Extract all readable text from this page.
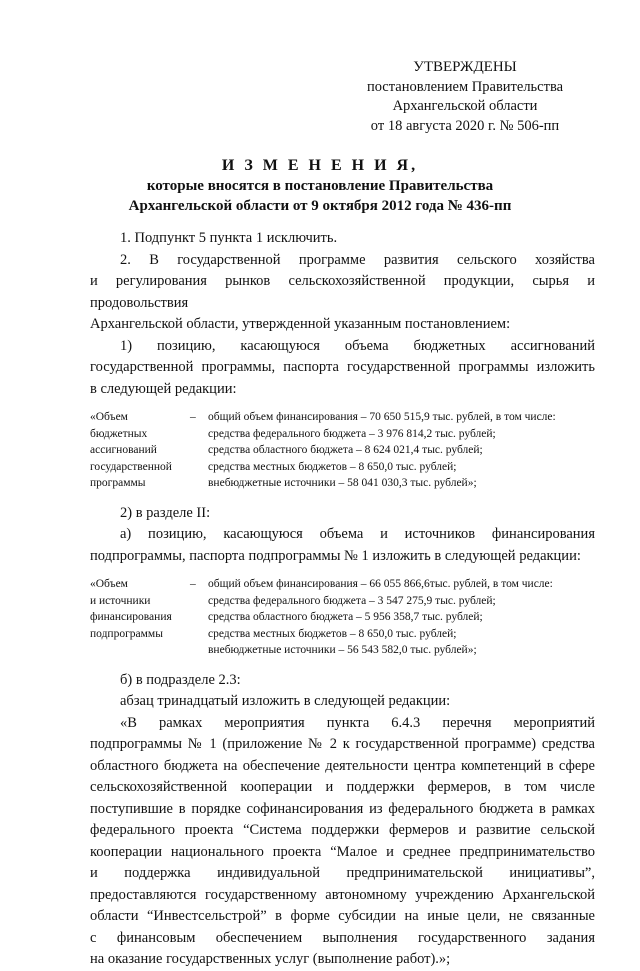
УТВЕРЖДЕНЫ
постановлением Правительства
Архангельской области
от 18 августа 2020 г. № 506-пп
И З М Е Н Е Н И Я,
которые вносятся в постановление Правительства
Архангельской области от 9 октября 2012 года № 436-пп

1. Подпункт 5 пункта 1 исключить.

2. В государственной программе развития сельского хозяйства

и регулирования рынков сельскохозяйственной продукции, сырья и продовольствия

Архангельской области, утвержденной указанным постановлением:

1) позицию, касающуюся объема бюджетных ассигнований

государственной программы, паспорта государственной программы изложить

в следующей редакции:

«Объем
бюджетных
ассигнований
государственной
программы
–	общий объем финансирования – 70 650 515,9 тыс. рублей, в том числе:
средства федерального бюджета – 3 976 814,2 тыс. рублей;
средства областного бюджета – 8 624 021,4 тыс. рублей;
средства местных бюджетов – 8 650,0 тыс. рублей;
внебюджетные источники – 58 041 030,3 тыс. рублей»;

2) в разделе II:

а) позицию, касающуюся объема и источников финансирования

подпрограммы, паспорта подпрограммы № 1 изложить в следующей редакции:

«Объем
и источники
финансирования
подпрограммы
–	общий объем финансирования – 66 055 866,6тыс. рублей, в том числе:
средства федерального бюджета – 3 547 275,9 тыс. рублей;
средства областного бюджета – 5 956 358,7 тыс. рублей;
средства местных бюджетов – 8 650,0 тыс. рублей;
внебюджетные источники – 56 543 582,0 тыс. рублей»;

б) в подразделе 2.3:

абзац тринадцатый изложить в следующей редакции:

«В рамках мероприятия пункта 6.4.3 перечня мероприятий

подпрограммы № 1 (приложение № 2 к государственной программе) средства

областного бюджета на обеспечение деятельности центра компетенций в сфере

сельскохозяйственной кооперации и поддержки фермеров, в том числе

поступившие в порядке софинансирования из федерального бюджета в рамках

федерального проекта “Система поддержки фермеров и развитие сельской

кооперации национального проекта “Малое и среднее предпринимательство

и поддержка индивидуальной предпринимательской инициативы”,

предоставляются государственному автономному учреждению Архангельской

области “Инвестсельстрой” в форме субсидии на иные цели, не связанные

с финансовым обеспечением выполнения государственного задания

на оказание государственных услуг (выполнение работ).»;
